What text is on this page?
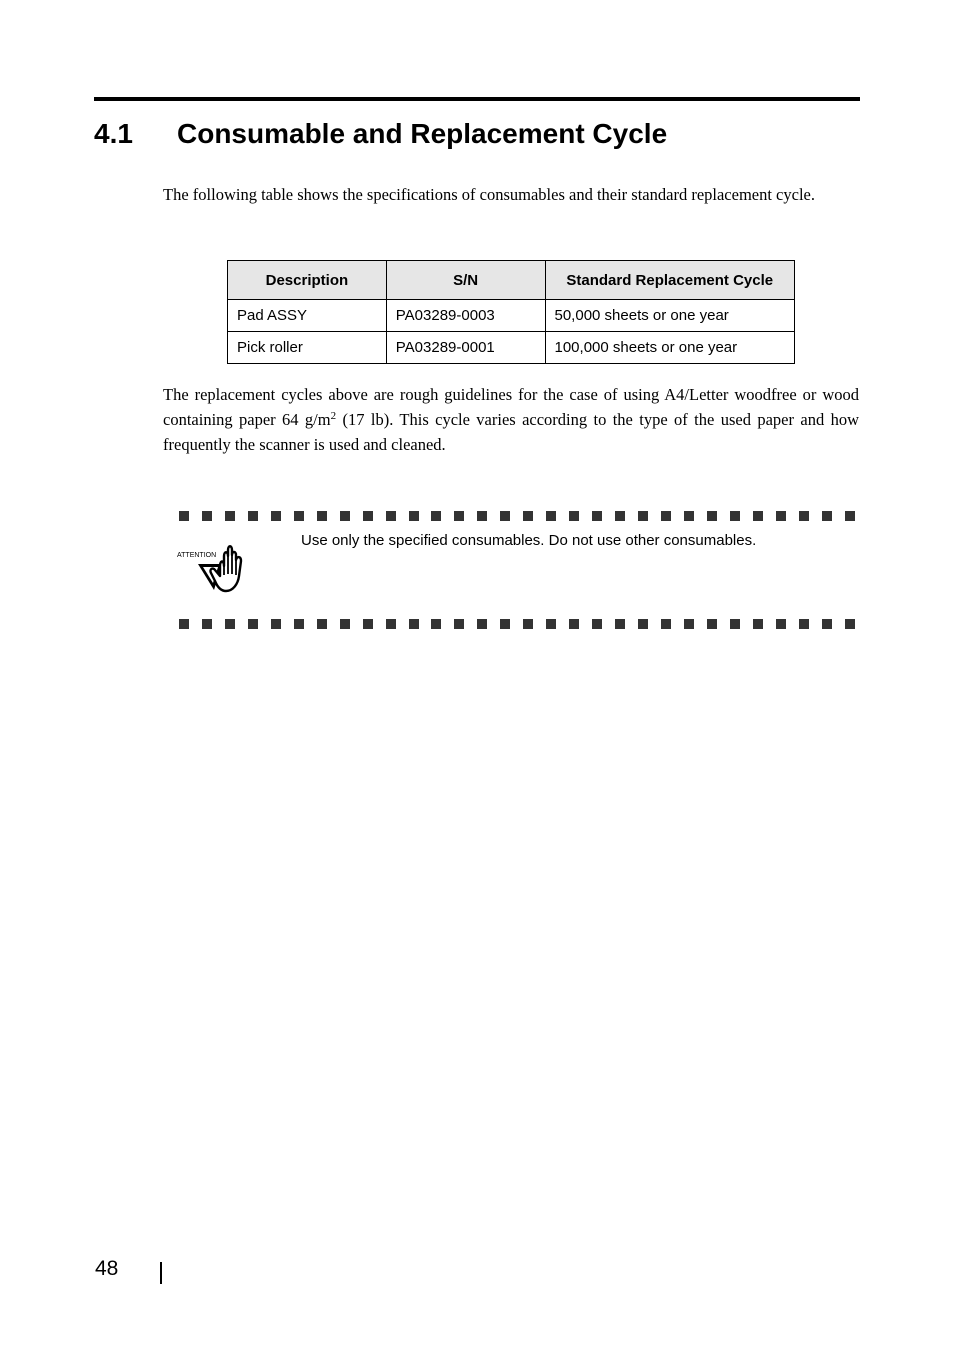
4.1 Consumable and Replacement Cycle
The following table shows the specifications of consumables and their standard replacement cycle.
Description	S/N	Standard Replacement Cycle
Pad ASSY	PA03289-0003	50,000 sheets or one year
Pick roller	PA03289-0001	100,000 sheets or one year
The replacement cycles above are rough guidelines for the case of using A4/Letter woodfree or wood containing paper 64 $g/m^2$ (17 lb). This cycle varies according to the type of the used paper and how frequently the scanner is used and cleaned.
ATTENTION
Use only the specified consumables. Do not use other consumables.
48
